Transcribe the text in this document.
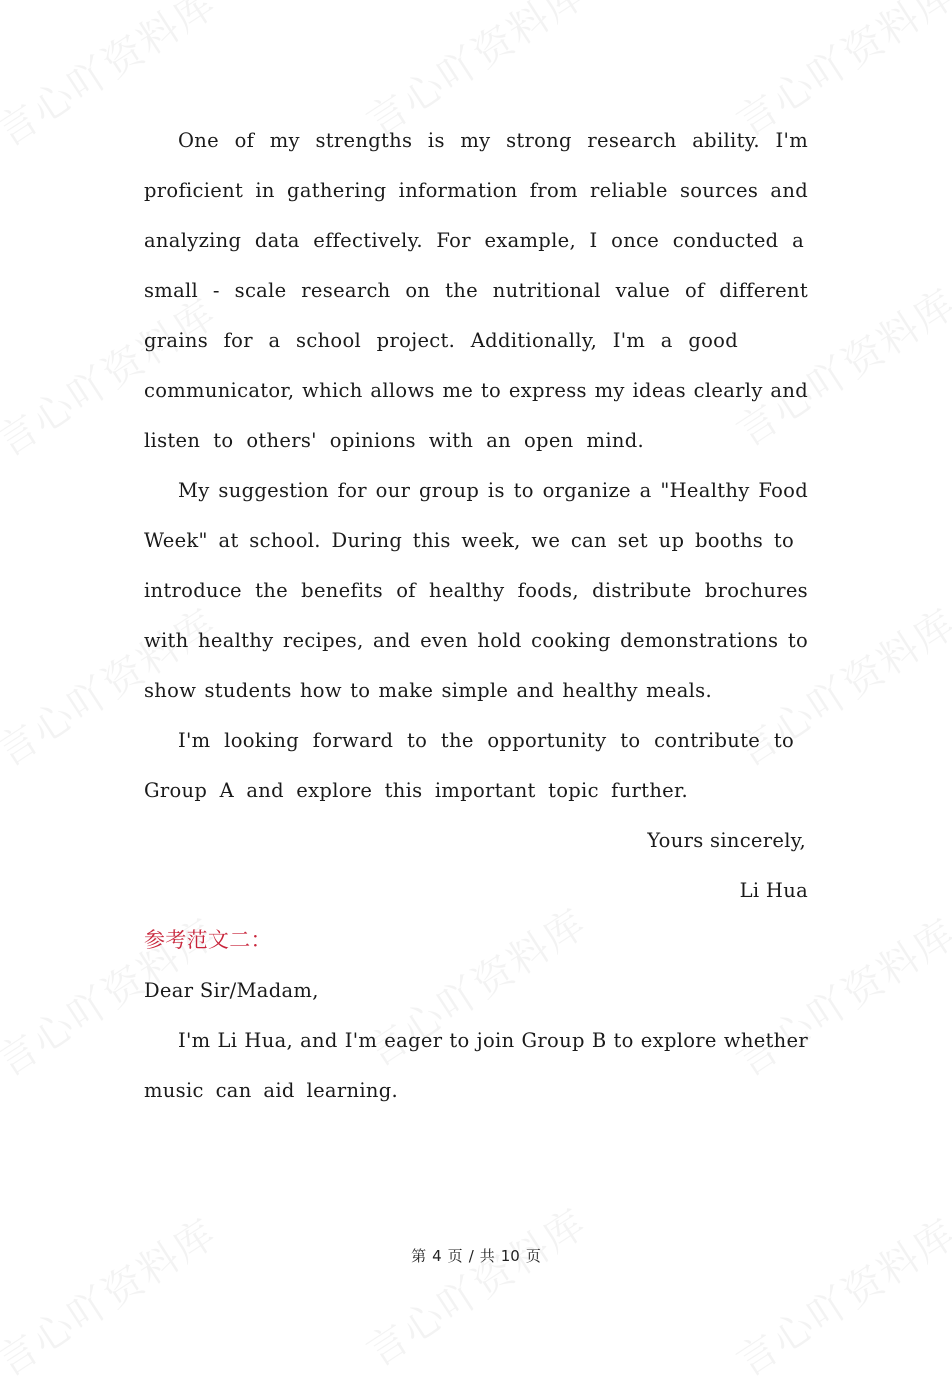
One of my strengths is my strong research ability. I'm
proficient in gathering information from reliable sources and
analyzing data effectively. For example, I once conducted a
small - scale research on the nutritional value of different
grains for a school project. Additionally, I'm a good
communicator, which allows me to express my ideas clearly and
listen to others' opinions with an open mind.
My suggestion for our group is to organize a "Healthy Food
Week" at school. During this week, we can set up booths to
introduce the benefits of healthy foods, distribute brochures
with healthy recipes, and even hold cooking demonstrations to
show students how to make simple and healthy meals.
I'm looking forward to the opportunity to contribute to
Group A and explore this important topic further.
Yours sincerely,
Li Hua
参考范文二：
Dear Sir/Madam,
I'm Li Hua, and I'm eager to join Group B to explore whether
music can aid learning.
第 4 页 / 共 10 页
